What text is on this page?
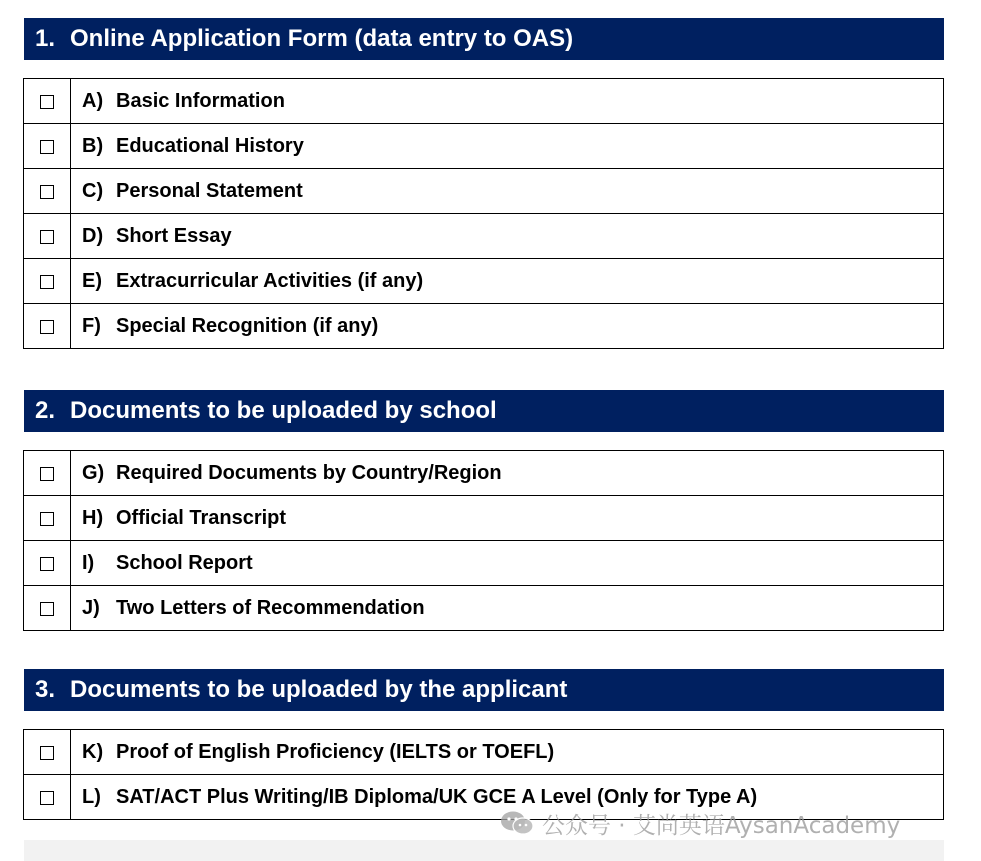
1. Online Application Form (data entry to OAS)
	A) Basic Information
	B) Educational History
	C) Personal Statement
	D) Short Essay
	E) Extracurricular Activities (if any)
	F) Special Recognition (if any)
2. Documents to be uploaded by school
	G) Required Documents by Country/Region
	H) Official Transcript
	I) School Report
	J) Two Letters of Recommendation
3. Documents to be uploaded by the applicant
	K) Proof of English Proficiency (IELTS or TOEFL)
	L) SAT/ACT Plus Writing/IB Diploma/UK GCE A Level (Only for Type A)
公众号 · 艾尚英语AysanAcademy
